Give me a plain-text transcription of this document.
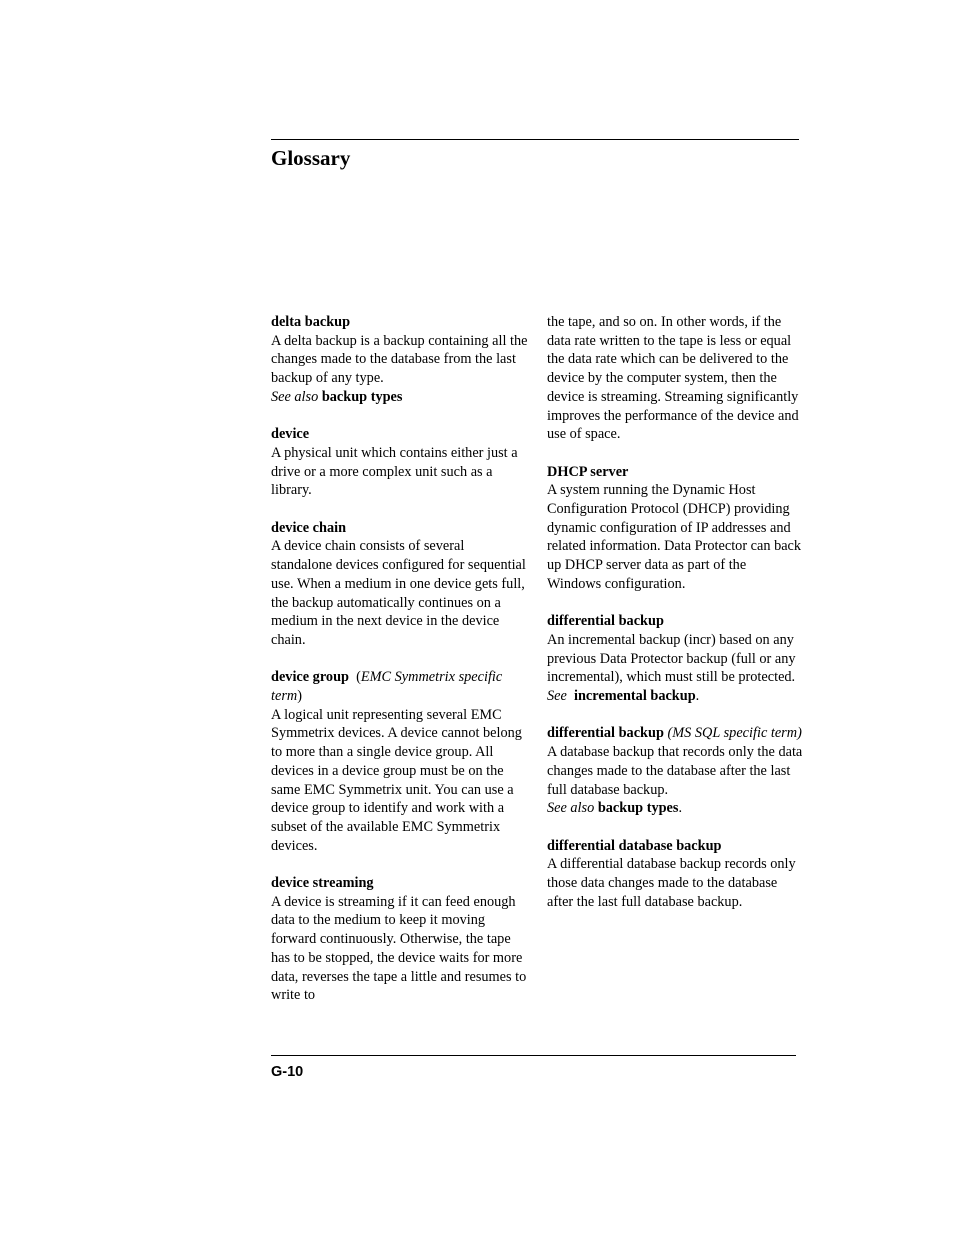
Glossary
delta backup
A delta backup is a backup containing all the changes made to the database from the last backup of any type.
See also backup types
device
A physical unit which contains either just a drive or a more complex unit such as a library.
device chain
A device chain consists of several standalone devices configured for sequential use. When a medium in one device gets full, the backup automatically continues on a medium in the next device in the device chain.
device group (EMC Symmetrix specific term)
A logical unit representing several EMC Symmetrix devices. A device cannot belong to more than a single device group. All devices in a device group must be on the same EMC Symmetrix unit. You can use a device group to identify and work with a subset of the available EMC Symmetrix devices.
device streaming
A device is streaming if it can feed enough data to the medium to keep it moving forward continuously. Otherwise, the tape has to be stopped, the device waits for more data, reverses the tape a little and resumes to write to
the tape, and so on. In other words, if the data rate written to the tape is less or equal the data rate which can be delivered to the device by the computer system, then the device is streaming. Streaming significantly improves the performance of the device and use of space.
DHCP server
A system running the Dynamic Host Configuration Protocol (DHCP) providing dynamic configuration of IP addresses and related information. Data Protector can back up DHCP server data as part of the Windows configuration.
differential backup
An incremental backup (incr) based on any previous Data Protector backup (full or any incremental), which must still be protected.
See incremental backup.
differential backup (MS SQL specific term)
A database backup that records only the data changes made to the database after the last full database backup.
See also backup types.
differential database backup
A differential database backup records only those data changes made to the database after the last full database backup.
G-10
